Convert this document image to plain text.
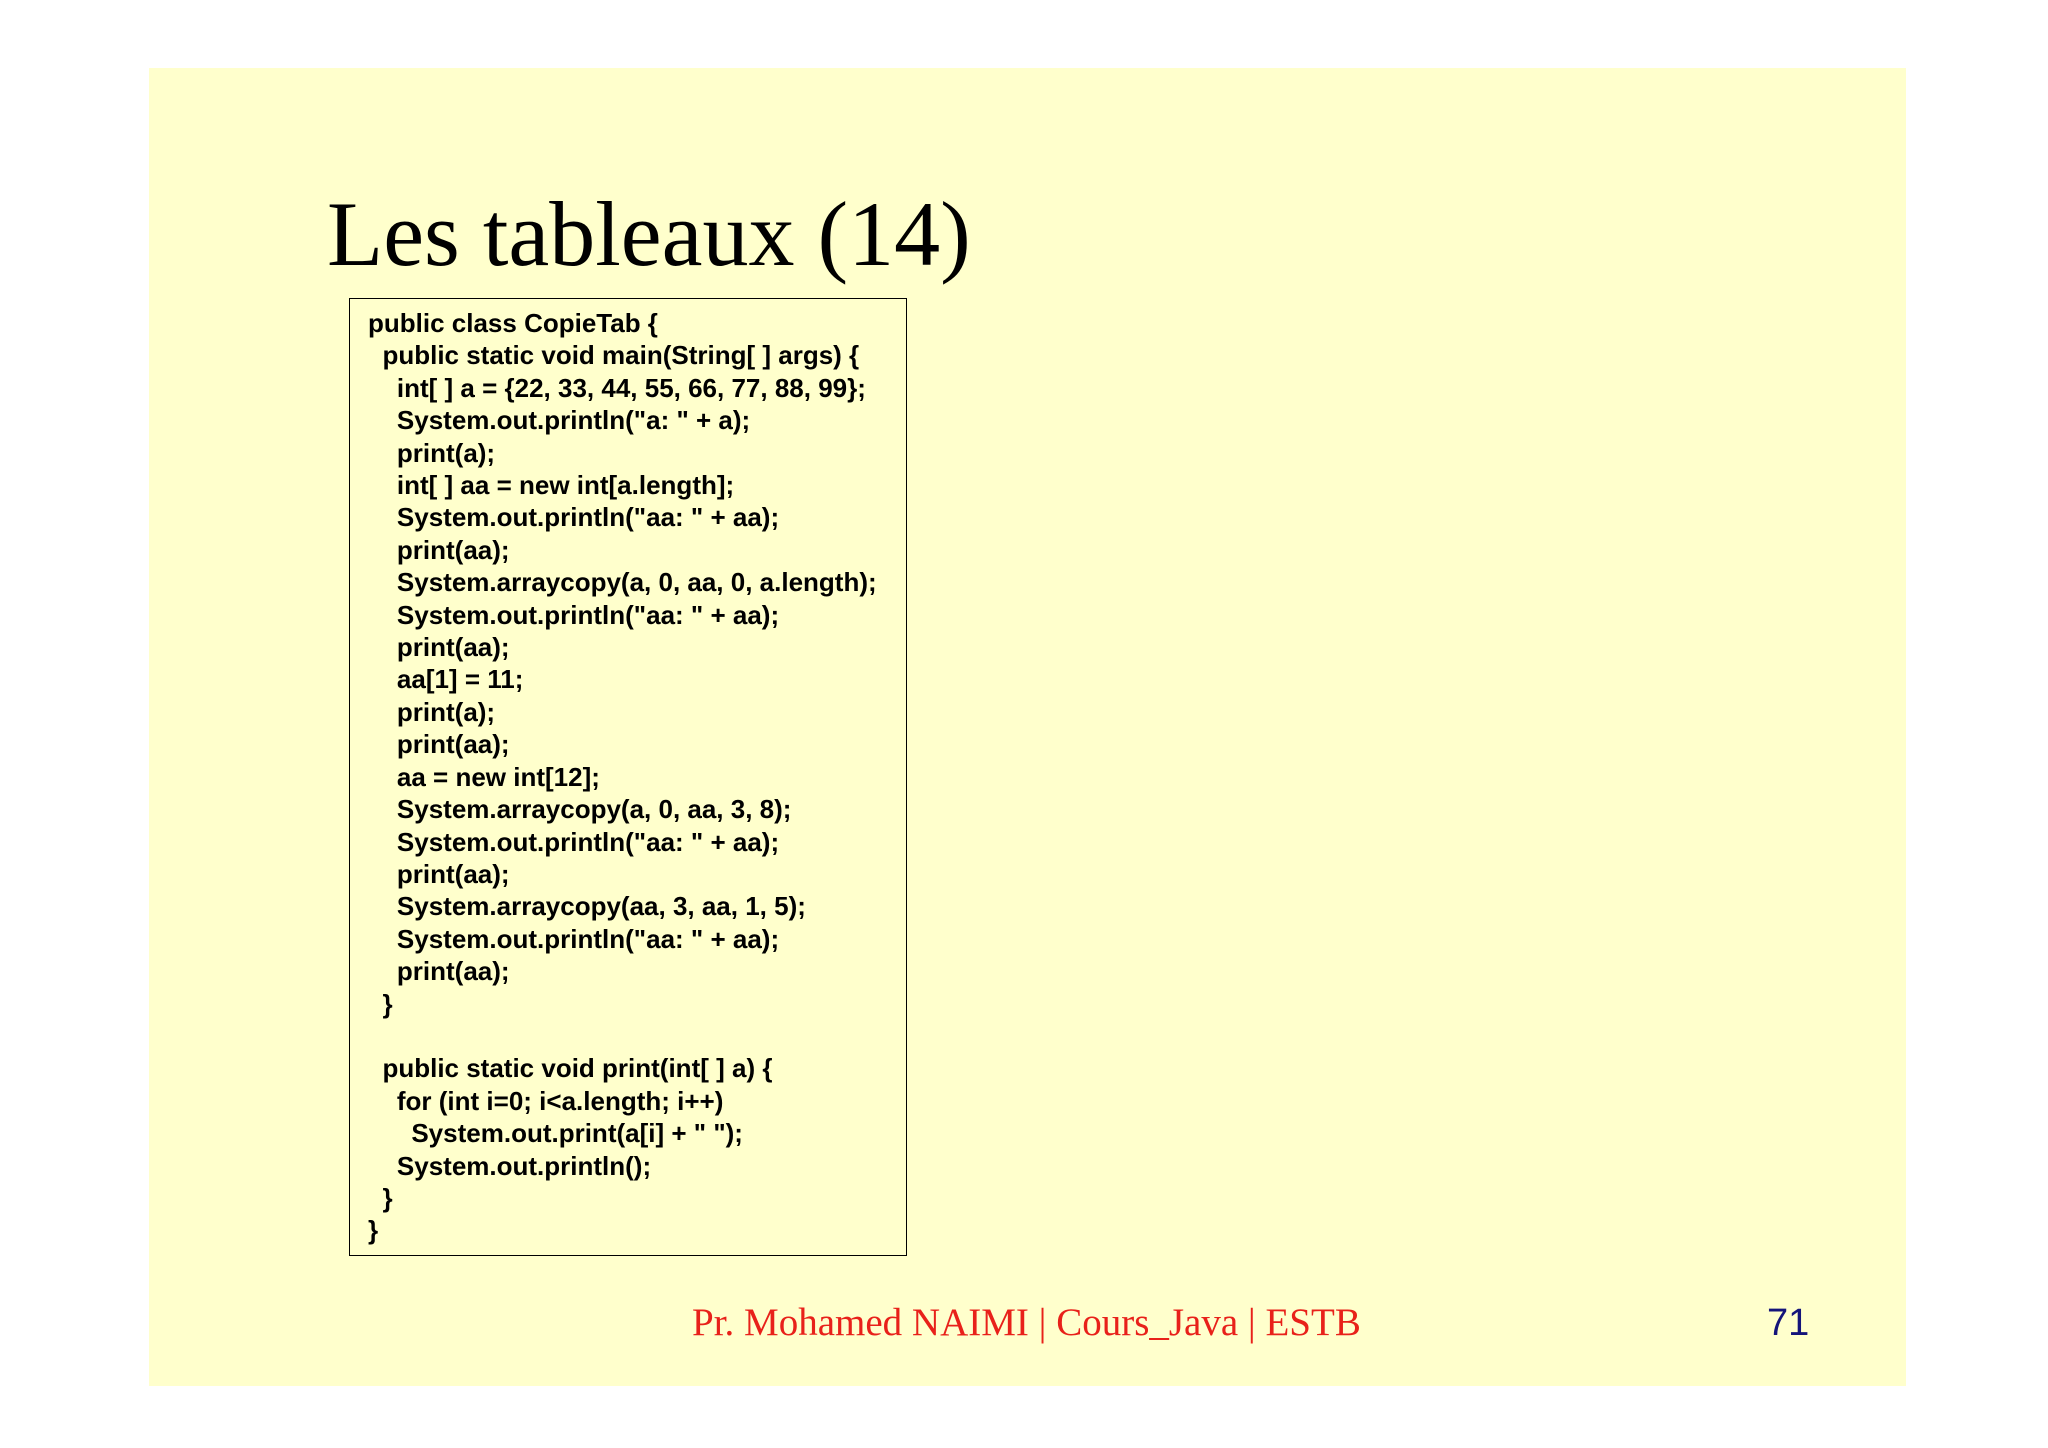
Les tableaux (14)
public class CopieTab {
public static void main(String[ ] args) {
int[ ] a = {22, 33, 44, 55, 66, 77, 88, 99};
System.out.println("a: " + a);
print(a);
int[ ] aa = new int[a.length];
System.out.println("aa: " + aa);
print(aa);
System.arraycopy(a, 0, aa, 0, a.length);
System.out.println("aa: " + aa);
print(aa);
aa[1] = 11;
print(a);
print(aa);
aa = new int[12];
System.arraycopy(a, 0, aa, 3, 8);
System.out.println("aa: " + aa);
print(aa);
System.arraycopy(aa, 3, aa, 1, 5);
System.out.println("aa: " + aa);
print(aa);
}

public static void print(int[ ] a) {
for (int i=0; i<a.length; i++)
System.out.print(a[i] + " ");
System.out.println();
}
}
Pr. Mohamed NAIMI | Cours_Java | ESTB	71
